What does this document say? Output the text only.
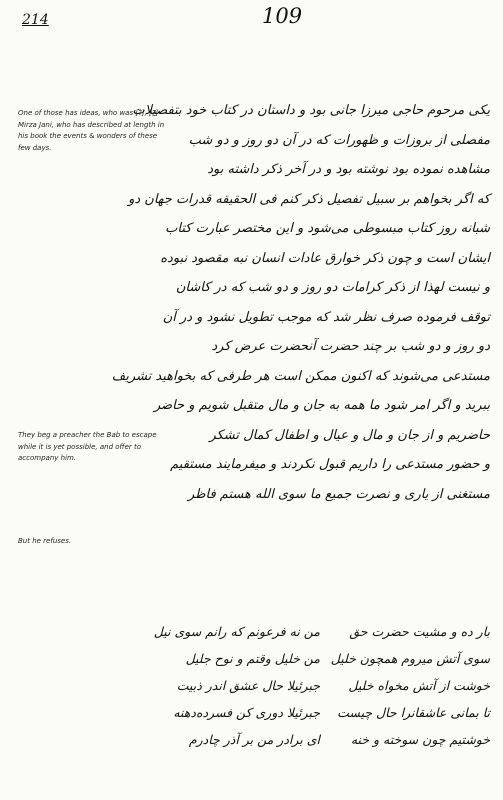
109
214
One of those has ideas, who was [?], [?] Mirza Jani, who has described at length in his book the events & wonders of these few days.
They beg a preacher the Bab to escape while it is yet possible, and offer to accompany him.
But he refuses.

یکی مرحوم حاجی میرزا جانی بود و داستان در کتاب خود بتفصیلات

مفصلی از بروزات و ظهورات که در آن دو روز و دو شب

مشاهده نموده بود نوشته بود و در آخر ذکر داشته بود

که اگر بخواهم بر سبیل تفصیل ذکر کنم فی الحقیقه قدرات جهان دو

شبانه روز کتاب مبسوطی می‌شود و این مختصر عبارت کتاب

ایشان است و چون ذکر خوارق عادات انسان نبه مقصود نبوده

و نیست لهذا از ذکر کرامات دو روز و دو شب که در کاشان

توقف فرموده صرف نظر شد که موجب تطویل نشود و در آن

دو روز و دو شب بر چند حضرت آنحضرت عرض کرد

مستدعی می‌شوند که اکنون ممکن است هر طرفی که بخواهید تشریف

ببرید و اگر امر شود ما همه به جان و مال متقبل شویم و حاضر

حاضریم و از جان و مال و عیال و اطفال کمال تشکر

و حضور مستدعی را داریم قبول نکردند و میفرمایند مستقیم

مستغنی از یاری و نصرت جمیع ما سوی الله هستم فاظر

بار ده و مشیت حضرت حق
من نه فرعونم که رانم سوی نیل
سوی آتش میروم همچون خلیل
من خلیل وقتم و نوح جلیل
خوشت از آتش مخواه خلیل
جبرئیلا حال عشق اندر ذبیت
تا بمانی عاشقانرا حال چیست
جبرئیلا دوری کن فسرده‌دهنه
خوشتیم چون سوخته و خنه
ای برادر من بر آذر چادرم
